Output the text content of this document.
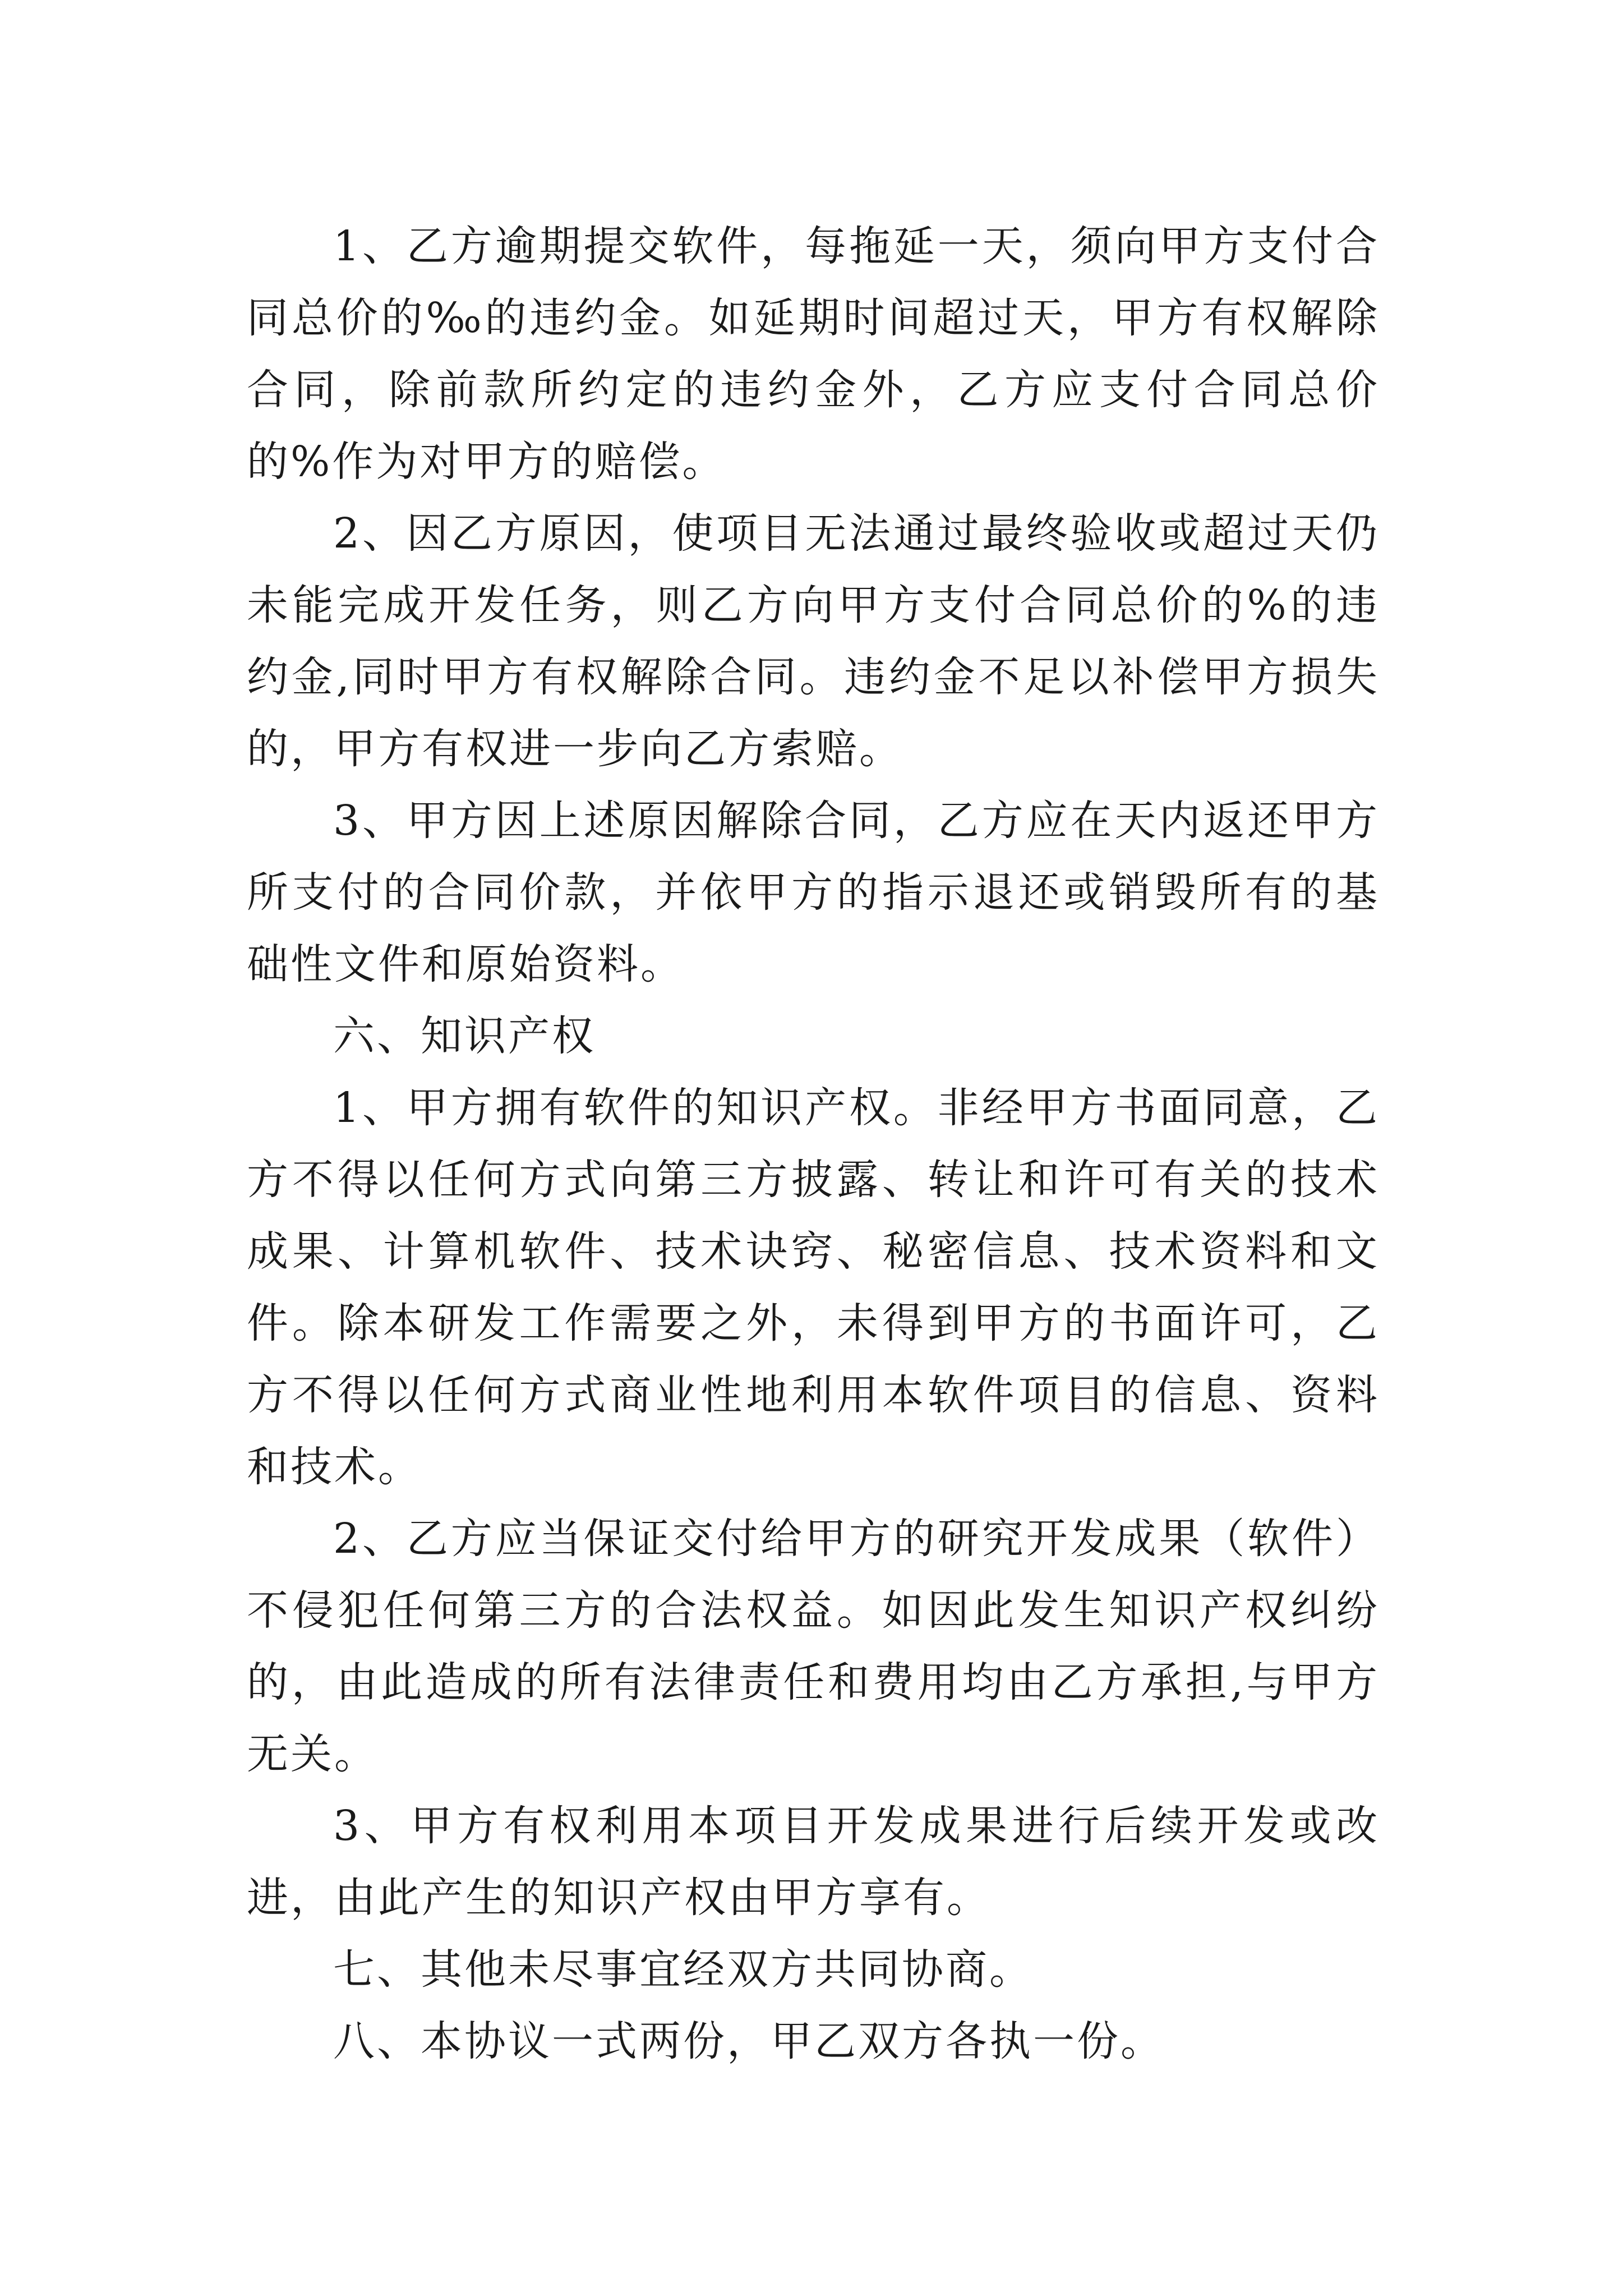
1、乙方逾期提交软件，每拖延一天，须向甲方支付合同总价的‰的违约金。如延期时间超过天，甲方有权解除合同，除前款所约定的违约金外，乙方应支付合同总价的%作为对甲方的赔偿。

2、因乙方原因，使项目无法通过最终验收或超过天仍未能完成开发任务，则乙方向甲方支付合同总价的%的违约金,同时甲方有权解除合同。违约金不足以补偿甲方损失的，甲方有权进一步向乙方索赔。

3、甲方因上述原因解除合同，乙方应在天内返还甲方所支付的合同价款，并依甲方的指示退还或销毁所有的基础性文件和原始资料。

六、知识产权

1、甲方拥有软件的知识产权。非经甲方书面同意，乙方不得以任何方式向第三方披露、转让和许可有关的技术成果、计算机软件、技术诀窍、秘密信息、技术资料和文件。除本研发工作需要之外，未得到甲方的书面许可，乙方不得以任何方式商业性地利用本软件项目的信息、资料和技术。

2、乙方应当保证交付给甲方的研究开发成果（软件）不侵犯任何第三方的合法权益。如因此发生知识产权纠纷的，由此造成的所有法律责任和费用均由乙方承担,与甲方无关。

3、甲方有权利用本项目开发成果进行后续开发或改进，由此产生的知识产权由甲方享有。

七、其他未尽事宜经双方共同协商。

八、本协议一式两份，甲乙双方各执一份。
